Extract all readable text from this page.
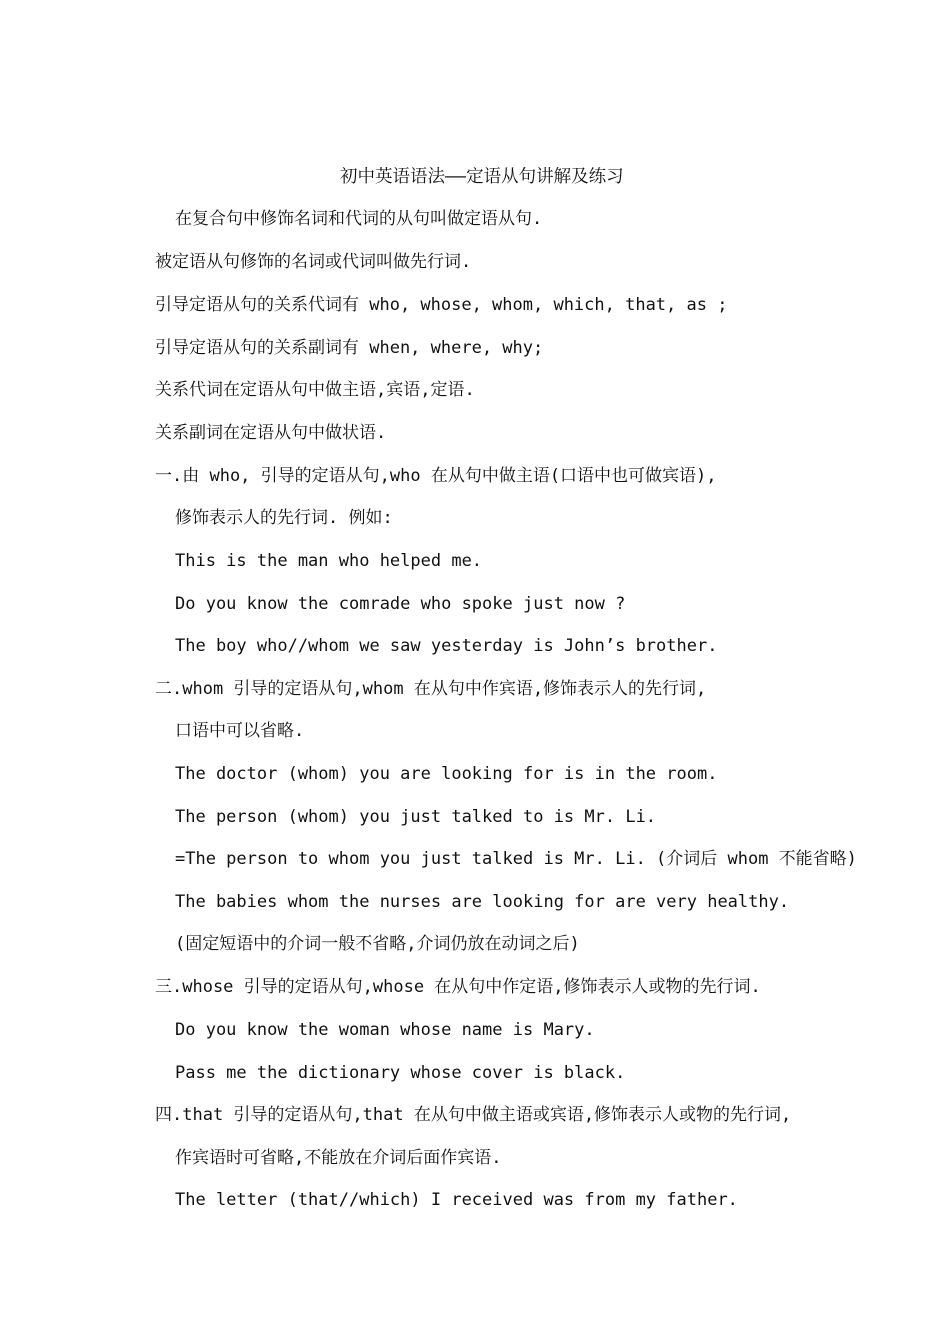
初中英语语法——定语从句讲解及练习
在复合句中修饰名词和代词的从句叫做定语从句.
被定语从句修饰的名词或代词叫做先行词.
引导定语从句的关系代词有 who, whose, whom, which, that, as ;
引导定语从句的关系副词有 when, where, why;
关系代词在定语从句中做主语,宾语,定语.
关系副词在定语从句中做状语.
一.由 who, 引导的定语从句,who 在从句中做主语(口语中也可做宾语),
修饰表示人的先行词. 例如:
This is the man who helped me.
Do you know the comrade who spoke just now ?
The boy who//whom we saw yesterday is John’s brother.
二.whom 引导的定语从句,whom 在从句中作宾语,修饰表示人的先行词,
口语中可以省略.
The doctor (whom) you are looking for is in the room.
The person (whom) you just talked to is Mr. Li.
=The person to whom you just talked is Mr. Li. (介词后 whom 不能省略)
The babies whom the nurses are looking for are very healthy.
(固定短语中的介词一般不省略,介词仍放在动词之后)
三.whose 引导的定语从句,whose 在从句中作定语,修饰表示人或物的先行词.
Do you know the woman whose name is Mary.
Pass me the dictionary whose cover is black.
四.that 引导的定语从句,that 在从句中做主语或宾语,修饰表示人或物的先行词,
作宾语时可省略,不能放在介词后面作宾语.
The letter (that//which) I received was from my father.
